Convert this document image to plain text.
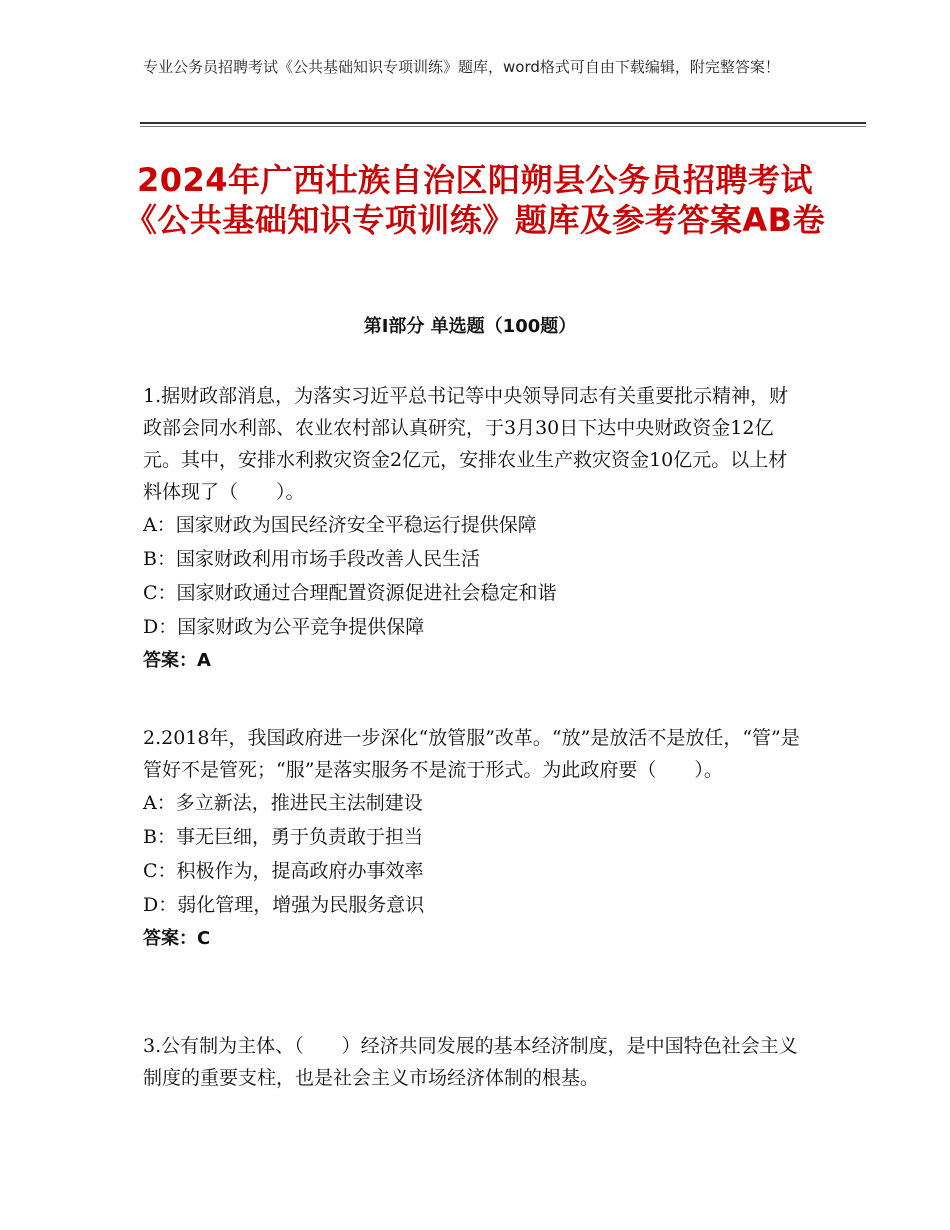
专业公务员招聘考试《公共基础知识专项训练》题库，word格式可自由下载编辑，附完整答案！
2024年广西壮族自治区阳朔县公务员招聘考试《公共基础知识专项训练》题库及参考答案AB卷
第I部分 单选题（100题）

1.据财政部消息，为落实习近平总书记等中央领导同志有关重要批示精神，财政部会同水利部、农业农村部认真研究，于3月30日下达中央财政资金12亿元。其中，安排水利救灾资金2亿元，安排农业生产救灾资金10亿元。以上材料体现了（　　）。

A：国家财政为国民经济安全平稳运行提供保障

B：国家财政利用市场手段改善人民生活

C：国家财政通过合理配置资源促进社会稳定和谐

D：国家财政为公平竞争提供保障

答案：A

2.2018年，我国政府进一步深化“放管服”改革。“放”是放活不是放任，“管”是管好不是管死；“服”是落实服务不是流于形式。为此政府要（　　）。

A：多立新法，推进民主法制建设

B：事无巨细，勇于负责敢于担当

C：积极作为，提高政府办事效率

D：弱化管理，增强为民服务意识

答案：C

3.公有制为主体、（　　）经济共同发展的基本经济制度，是中国特色社会主义制度的重要支柱，也是社会主义市场经济体制的根基。
